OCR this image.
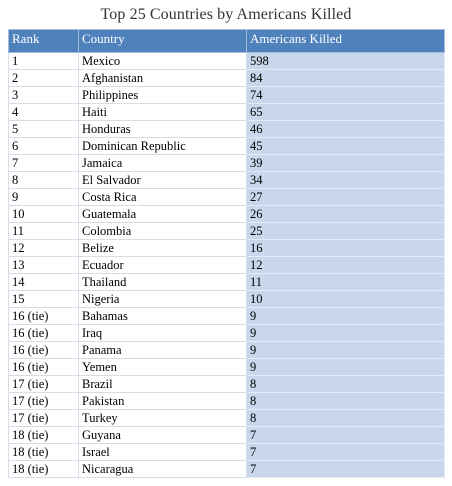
Top 25 Countries by Americans Killed
Rank	Country	Americans Killed
1	Mexico	598
2	Afghanistan	84
3	Philippines	74
4	Haiti	65
5	Honduras	46
6	Dominican Republic	45
7	Jamaica	39
8	El Salvador	34
9	Costa Rica	27
10	Guatemala	26
11	Colombia	25
12	Belize	16
13	Ecuador	12
14	Thailand	11
15	Nigeria	10
16 (tie)	Bahamas	9
16 (tie)	Iraq	9
16 (tie)	Panama	9
16 (tie)	Yemen	9
17 (tie)	Brazil	8
17 (tie)	Pakistan	8
17 (tie)	Turkey	8
18 (tie)	Guyana	7
18 (tie)	Israel	7
18 (tie)	Nicaragua	7
